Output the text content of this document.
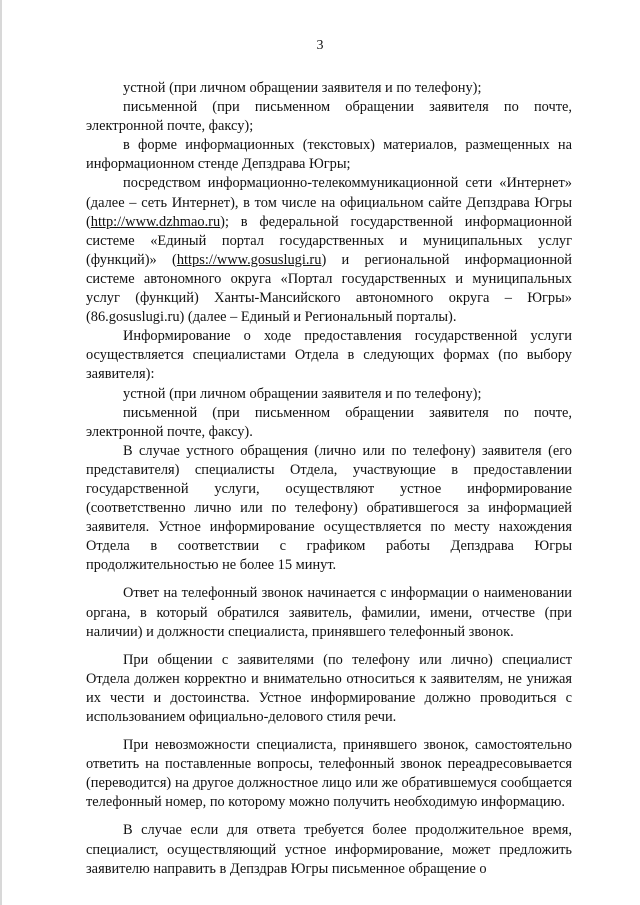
3

устной (при личном обращении заявителя и по телефону);

письменной (при письменном обращении заявителя по почте, электронной почте, факсу);

в форме информационных (текстовых) материалов, размещенных на информационном стенде Депздрава Югры;

посредством информационно-телекоммуникационной сети «Интернет» (далее – сеть Интернет), в том числе на официальном сайте Депздрава Югры (http://www.dzhmao.ru); в федеральной государственной информационной системе «Единый портал государственных и муниципальных услуг (функций)» (https://www.gosuslugi.ru) и региональной информационной системе автономного округа «Портал государственных и муниципальных услуг (функций) Ханты-Мансийского автономного округа – Югры» (86.gosuslugi.ru) (далее – Единый и Региональный порталы).

Информирование о ходе предоставления государственной услуги осуществляется специалистами Отдела в следующих формах (по выбору заявителя):

устной (при личном обращении заявителя и по телефону);

письменной (при письменном обращении заявителя по почте, электронной почте, факсу).

В случае устного обращения (лично или по телефону) заявителя (его представителя) специалисты Отдела, участвующие в предоставлении государственной услуги, осуществляют устное информирование (соответственно лично или по телефону) обратившегося за информацией заявителя. Устное информирование осуществляется по месту нахождения Отдела в соответствии с графиком работы Депздрава Югры продолжительностью не более 15 минут.

Ответ на телефонный звонок начинается с информации о наименовании органа, в который обратился заявитель, фамилии, имени, отчестве (при наличии) и должности специалиста, принявшего телефонный звонок.

При общении с заявителями (по телефону или лично) специалист Отдела должен корректно и внимательно относиться к заявителям, не унижая их чести и достоинства. Устное информирование должно проводиться с использованием официально-делового стиля речи.

При невозможности специалиста, принявшего звонок, самостоятельно ответить на поставленные вопросы, телефонный звонок переадресовывается (переводится) на другое должностное лицо или же обратившемуся сообщается телефонный номер, по которому можно получить необходимую информацию.

В случае если для ответа требуется более продолжительное время, специалист, осуществляющий устное информирование, может предложить заявителю направить в Депздрав Югры письменное обращение о
